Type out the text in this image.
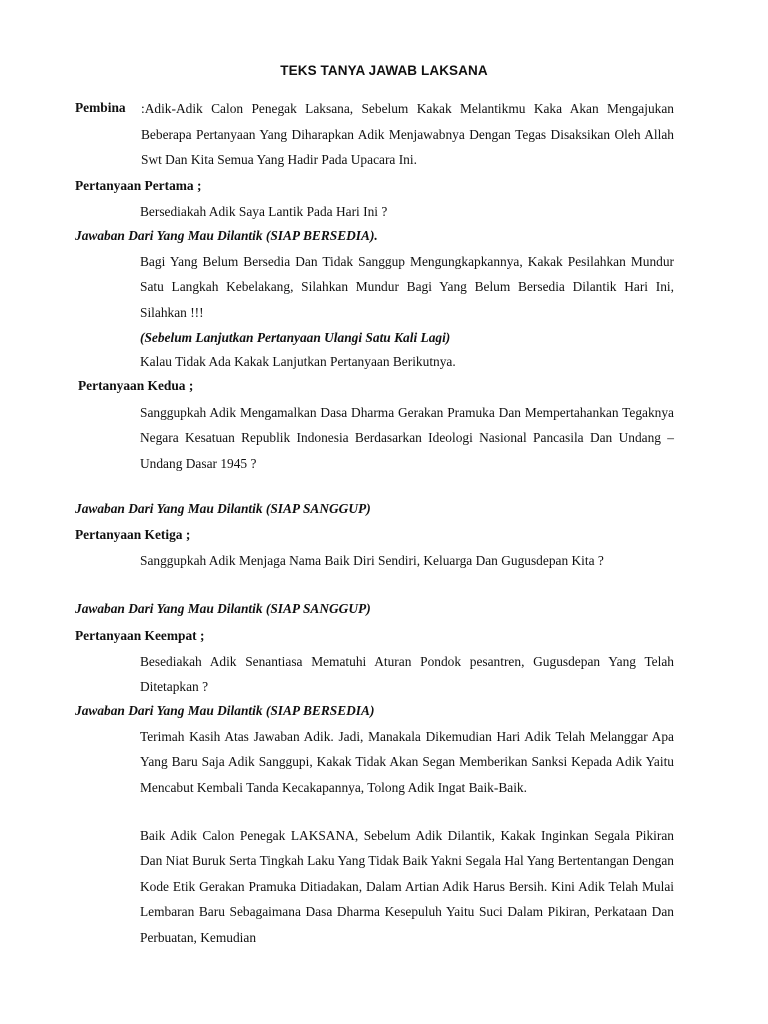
TEKS TANYA JAWAB LAKSANA
Pembina :Adik-Adik Calon Penegak Laksana, Sebelum Kakak Melantikmu Kaka Akan Mengajukan Beberapa Pertanyaan Yang Diharapkan Adik Menjawabnya Dengan Tegas Disaksikan Oleh Allah Swt Dan Kita Semua Yang Hadir Pada Upacara Ini.
Pertanyaan Pertama ;
Bersediakah Adik Saya Lantik Pada Hari Ini ?
Jawaban Dari Yang Mau Dilantik (SIAP BERSEDIA).
Bagi Yang Belum Bersedia Dan Tidak Sanggup Mengungkapkannya, Kakak Pesilahkan Mundur Satu Langkah Kebelakang, Silahkan Mundur Bagi Yang Belum Bersedia Dilantik Hari Ini, Silahkan !!!
(Sebelum Lanjutkan Pertanyaan Ulangi Satu Kali Lagi)
Kalau Tidak Ada Kakak Lanjutkan Pertanyaan Berikutnya.
Pertanyaan Kedua ;
Sanggupkah Adik Mengamalkan Dasa Dharma Gerakan Pramuka Dan Mempertahankan Tegaknya Negara Kesatuan Republik Indonesia Berdasarkan Ideologi Nasional Pancasila Dan Undang – Undang Dasar 1945 ?
Jawaban Dari Yang Mau Dilantik (SIAP SANGGUP)
Pertanyaan Ketiga ;
Sanggupkah Adik Menjaga Nama Baik Diri Sendiri, Keluarga Dan Gugusdepan Kita ?
Jawaban Dari Yang Mau Dilantik (SIAP SANGGUP)
Pertanyaan Keempat ;
Besediakah Adik Senantiasa Mematuhi Aturan Pondok pesantren, Gugusdepan Yang Telah Ditetapkan ?
Jawaban Dari Yang Mau Dilantik (SIAP BERSEDIA)
Terimah Kasih Atas Jawaban Adik. Jadi, Manakala Dikemudian Hari Adik Telah Melanggar Apa Yang Baru Saja Adik Sanggupi, Kakak Tidak Akan Segan Memberikan Sanksi Kepada Adik Yaitu Mencabut Kembali Tanda Kecakapannya, Tolong Adik Ingat Baik-Baik.
Baik Adik Calon Penegak LAKSANA, Sebelum Adik Dilantik, Kakak Inginkan Segala Pikiran Dan Niat Buruk Serta Tingkah Laku Yang Tidak Baik Yakni Segala Hal Yang Bertentangan Dengan Kode Etik Gerakan Pramuka Ditiadakan, Dalam Artian Adik Harus Bersih. Kini Adik Telah Mulai Lembaran Baru Sebagaimana Dasa Dharma Kesepuluh Yaitu Suci Dalam Pikiran, Perkataan Dan Perbuatan, Kemudian
